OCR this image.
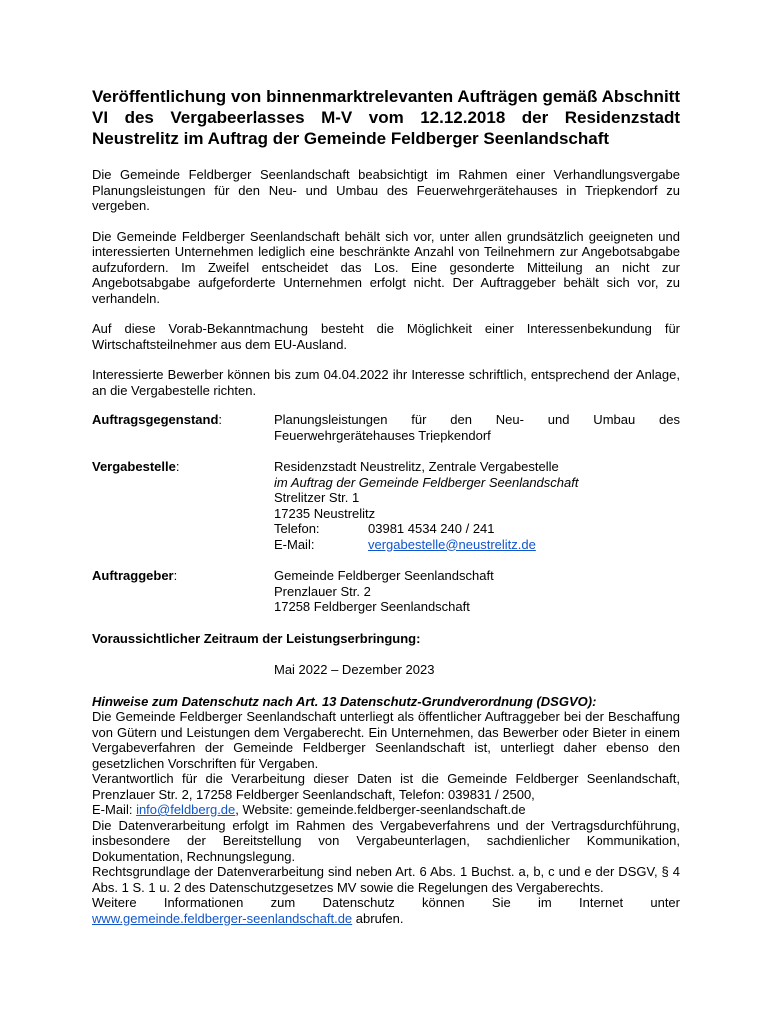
Veröffentlichung von binnenmarktrelevanten Aufträgen gemäß Abschnitt VI des Vergabeerlasses M-V vom 12.12.2018 der Residenzstadt Neustrelitz im Auftrag der Gemeinde Feldberger Seenlandschaft

Die Gemeinde Feldberger Seenlandschaft beabsichtigt im Rahmen einer Verhandlungsvergabe Planungsleistungen für den Neu- und Umbau des Feuerwehrgerätehauses in Triepkendorf zu vergeben.

Die Gemeinde Feldberger Seenlandschaft behält sich vor, unter allen grundsätzlich geeigneten und interessierten Unternehmen lediglich eine beschränkte Anzahl von Teilnehmern zur Angebotsabgabe aufzufordern. Im Zweifel entscheidet das Los. Eine gesonderte Mitteilung an nicht zur Angebotsabgabe aufgeforderte Unternehmen erfolgt nicht. Der Auftraggeber behält sich vor, zu verhandeln.

Auf diese Vorab-Bekanntmachung besteht die Möglichkeit einer Interessenbekundung für Wirtschaftsteilnehmer aus dem EU-Ausland.

Interessierte Bewerber können bis zum 04.04.2022 ihr Interesse schriftlich, entsprechend der Anlage, an die Vergabestelle richten.

Auftragsgegenstand:	Planungsleistungen für den Neu- und Umbau des Feuerwehrgerätehauses Triepkendorf
Vergabestelle:	Residenzstadt Neustrelitz, Zentrale Vergabestelle
im Auftrag der Gemeinde Feldberger Seenlandschaft
Strelitzer Str. 1
17235 Neustrelitz
Telefon:	03981 4534 240 / 241
E-Mail:	vergabestelle@neustrelitz.de
Auftraggeber:	Gemeinde Feldberger Seenlandschaft
Prenzlauer Str. 2
17258 Feldberger Seenlandschaft
Voraussichtlicher Zeitraum der Leistungserbringung:
Mai 2022 – Dezember 2023
Hinweise zum Datenschutz nach Art. 13 Datenschutz-Grundverordnung (DSGVO):

Die Gemeinde Feldberger Seenlandschaft unterliegt als öffentlicher Auftraggeber bei der Beschaffung von Gütern und Leistungen dem Vergaberecht. Ein Unternehmen, das Bewerber oder Bieter in einem Vergabeverfahren der Gemeinde Feldberger Seenlandschaft ist, unterliegt daher ebenso den gesetzlichen Vorschriften für Vergaben.

Verantwortlich für die Verarbeitung dieser Daten ist die Gemeinde Feldberger Seenlandschaft, Prenzlauer Str. 2, 17258 Feldberger Seenlandschaft, Telefon: 039831 / 2500,

E-Mail: info@feldberg.de, Website: gemeinde.feldberger-seenlandschaft.de

Die Datenverarbeitung erfolgt im Rahmen des Vergabeverfahrens und der Vertragsdurchführung, insbesondere der Bereitstellung von Vergabeunterlagen, sachdienlicher Kommunikation, Dokumentation, Rechnungslegung.

Rechtsgrundlage der Datenverarbeitung sind neben Art. 6 Abs. 1 Buchst. a, b, c und e der DSGV, § 4 Abs. 1 S. 1 u. 2 des Datenschutzgesetzes MV sowie die Regelungen des Vergaberechts.

Weitere Informationen zum Datenschutz können Sie im Internet unter

www.gemeinde.feldberger-seenlandschaft.de abrufen.
